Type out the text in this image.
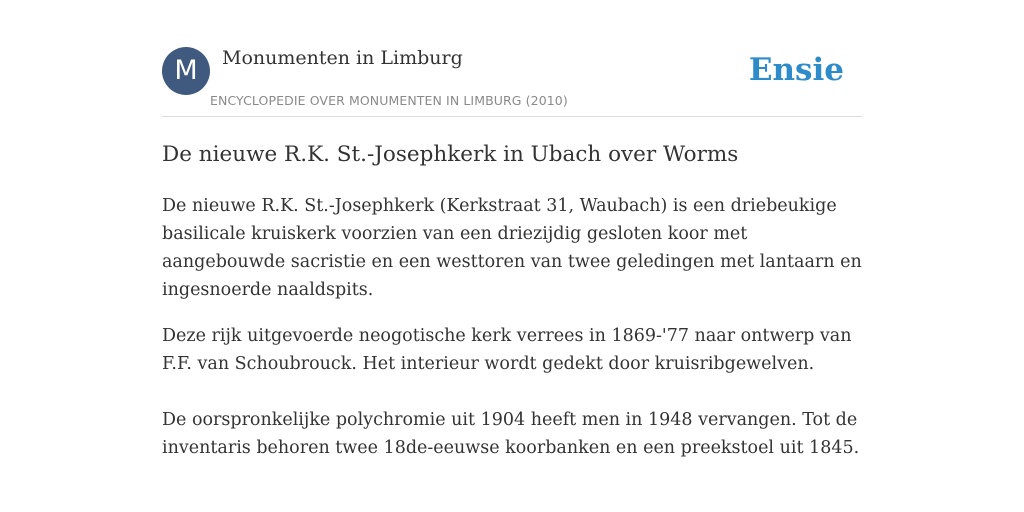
M	Monumenten in Limburg
ENCYCLOPEDIE OVER MONUMENTEN IN LIMBURG (2010)
Ensie
De nieuwe R.K. St.-Josephkerk in Ubach over Worms

De nieuwe R.K. St.-Josephkerk (Kerkstraat 31, Waubach) is een driebeukige basilicale kruiskerk voorzien van een driezijdig gesloten koor met aangebouwde sacristie en een westtoren van twee geledingen met lantaarn en ingesnoerde naaldspits.

Deze rijk uitgevoerde neogotische kerk verrees in 1869-'77 naar ontwerp van F.F. van Schoubrouck. Het interieur wordt gedekt door kruisribgewelven.

De oorspronkelijke polychromie uit 1904 heeft men in 1948 vervangen. Tot de inventaris behoren twee 18de-eeuwse koorbanken en een preekstoel uit 1845.
